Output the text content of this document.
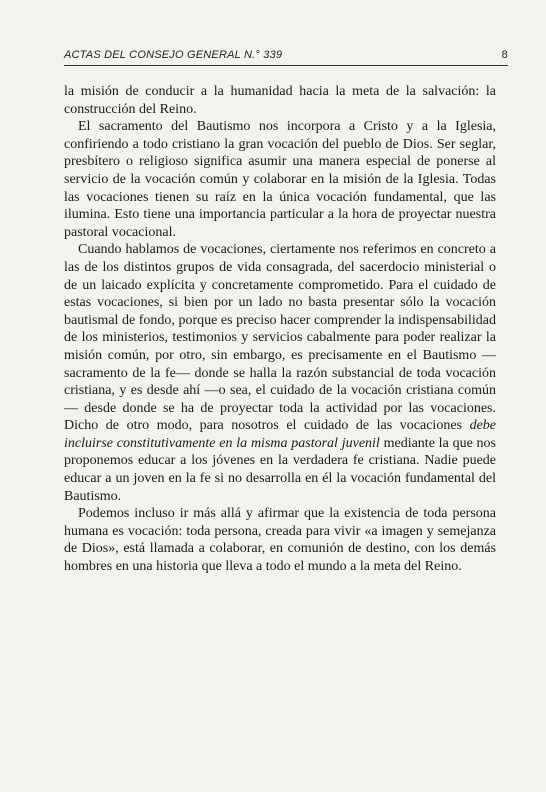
ACTAS DEL CONSEJO GENERAL N.° 339	8

la misión de conducir a la humanidad hacia la meta de la salvación: la construcción del Reino.

El sacramento del Bautismo nos incorpora a Cristo y a la Iglesia, confiriendo a todo cristiano la gran vocación del pueblo de Dios. Ser seglar, presbítero o religioso significa asumir una manera especial de ponerse al servicio de la vocación común y colaborar en la misión de la Iglesia. Todas las vocaciones tienen su raíz en la única vocación fundamental, que las ilumina. Esto tiene una importancia particular a la hora de proyectar nuestra pastoral vocacional.

Cuando hablamos de vocaciones, ciertamente nos referimos en concreto a las de los distintos grupos de vida consagrada, del sacerdocio ministerial o de un laicado explícita y concretamente comprometido. Para el cuidado de estas vocaciones, si bien por un lado no basta presentar sólo la vocación bautismal de fondo, porque es preciso hacer comprender la indispensabilidad de los ministerios, testimonios y servicios cabalmente para poder realizar la misión común, por otro, sin embargo, es precisamente en el Bautismo —sacramento de la fe— donde se halla la razón substancial de toda vocación cristiana, y es desde ahí —o sea, el cuidado de la vocación cristiana común— desde donde se ha de proyectar toda la actividad por las vocaciones. Dicho de otro modo, para nosotros el cuidado de las vocaciones debe incluirse constitutivamente en la misma pastoral juvenil mediante la que nos proponemos educar a los jóvenes en la verdadera fe cristiana. Nadie puede educar a un joven en la fe si no desarrolla en él la vocación fundamental del Bautismo.

Podemos incluso ir más allá y afirmar que la existencia de toda persona humana es vocación: toda persona, creada para vivir «a imagen y semejanza de Dios», está llamada a colaborar, en comunión de destino, con los demás hombres en una historia que lleva a todo el mundo a la meta del Reino.
